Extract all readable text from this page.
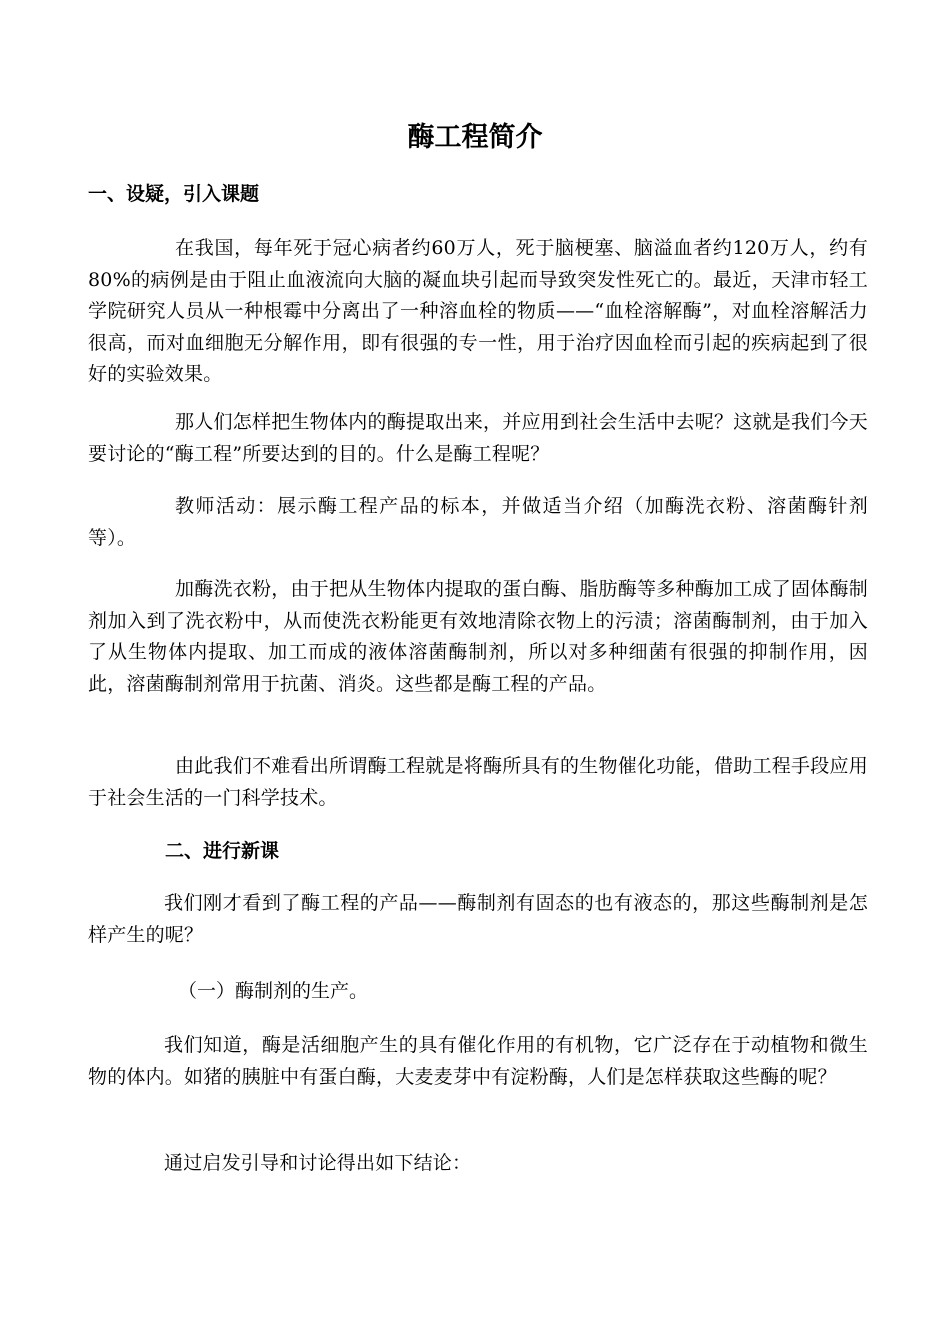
酶工程简介
一、设疑，引入课题

在我国，每年死于冠心病者约60万人，死于脑梗塞、脑溢血者约120万人，约有80%的病例是由于阻止血液流向大脑的凝血块引起而导致突发性死亡的。最近，天津市轻工学院研究人员从一种根霉中分离出了一种溶血栓的物质——“血栓溶解酶”，对血栓溶解活力很高，而对血细胞无分解作用，即有很强的专一性，用于治疗因血栓而引起的疾病起到了很好的实验效果。

那人们怎样把生物体内的酶提取出来，并应用到社会生活中去呢？这就是我们今天要讨论的“酶工程”所要达到的目的。什么是酶工程呢？

教师活动：展示酶工程产品的标本，并做适当介绍（加酶洗衣粉、溶菌酶针剂等）。

加酶洗衣粉，由于把从生物体内提取的蛋白酶、脂肪酶等多种酶加工成了固体酶制剂加入到了洗衣粉中，从而使洗衣粉能更有效地清除衣物上的污渍；溶菌酶制剂，由于加入了从生物体内提取、加工而成的液体溶菌酶制剂，所以对多种细菌有很强的抑制作用，因此，溶菌酶制剂常用于抗菌、消炎。这些都是酶工程的产品。

由此我们不难看出所谓酶工程就是将酶所具有的生物催化功能，借助工程手段应用于社会生活的一门科学技术。

二、进行新课

我们刚才看到了酶工程的产品——酶制剂有固态的也有液态的，那这些酶制剂是怎样产生的呢？

（一）酶制剂的生产。

我们知道，酶是活细胞产生的具有催化作用的有机物，它广泛存在于动植物和微生物的体内。如猪的胰脏中有蛋白酶，大麦麦芽中有淀粉酶，人们是怎样获取这些酶的呢？

通过启发引导和讨论得出如下结论：
